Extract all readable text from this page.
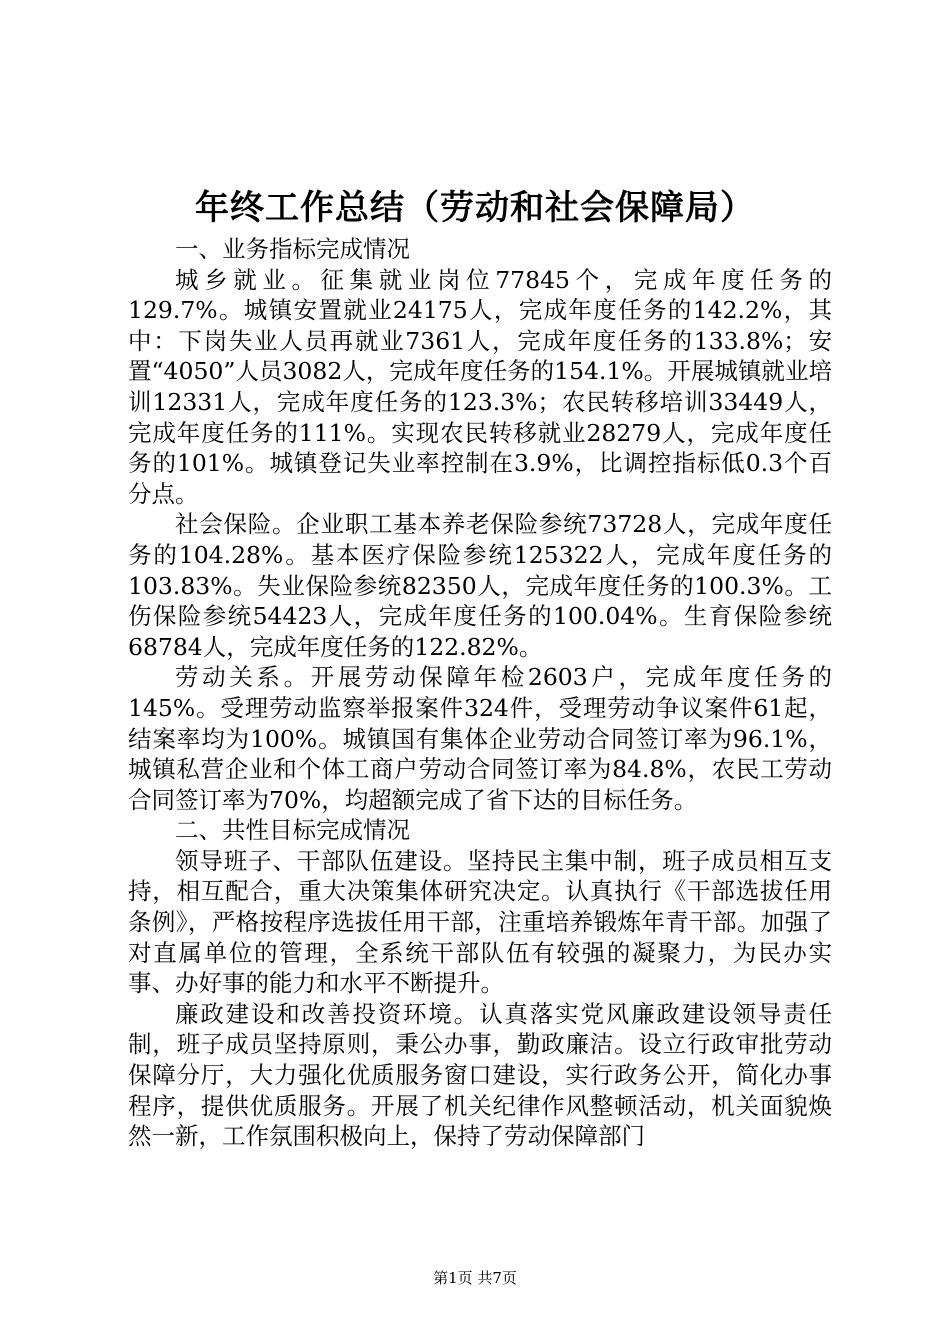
年终工作总结（劳动和社会保障局）

一、业务指标完成情况

城乡就业。征集就业岗位77845个，完成年度任务的129.7%。城镇安置就业24175人，完成年度任务的142.2%，其中：下岗失业人员再就业7361人，完成年度任务的133.8%；安置“4050”人员3082人，完成年度任务的154.1%。开展城镇就业培训12331人，完成年度任务的123.3%；农民转移培训33449人，完成年度任务的111%。实现农民转移就业28279人，完成年度任务的101%。城镇登记失业率控制在3.9%，比调控指标低0.3个百分点。

社会保险。企业职工基本养老保险参统73728人，完成年度任务的104.28%。基本医疗保险参统125322人，完成年度任务的103.83%。失业保险参统82350人，完成年度任务的100.3%。工伤保险参统54423人，完成年度任务的100.04%。生育保险参统68784人，完成年度任务的122.82%。

劳动关系。开展劳动保障年检2603户，完成年度任务的145%。受理劳动监察举报案件324件，受理劳动争议案件61起，结案率均为100%。城镇国有集体企业劳动合同签订率为96.1%，城镇私营企业和个体工商户劳动合同签订率为84.8%，农民工劳动合同签订率为70%，均超额完成了省下达的目标任务。

二、共性目标完成情况

领导班子、干部队伍建设。坚持民主集中制，班子成员相互支持，相互配合，重大决策集体研究决定。认真执行《干部选拔任用条例》，严格按程序选拔任用干部，注重培养锻炼年青干部。加强了对直属单位的管理，全系统干部队伍有较强的凝聚力，为民办实事、办好事的能力和水平不断提升。

廉政建设和改善投资环境。认真落实党风廉政建设领导责任制，班子成员坚持原则，秉公办事，勤政廉洁。设立行政审批劳动保障分厅，大力强化优质服务窗口建设，实行政务公开，简化办事程序，提供优质服务。开展了机关纪律作风整顿活动，机关面貌焕然一新，工作氛围积极向上，保持了劳动保障部门

第1页 共7页
